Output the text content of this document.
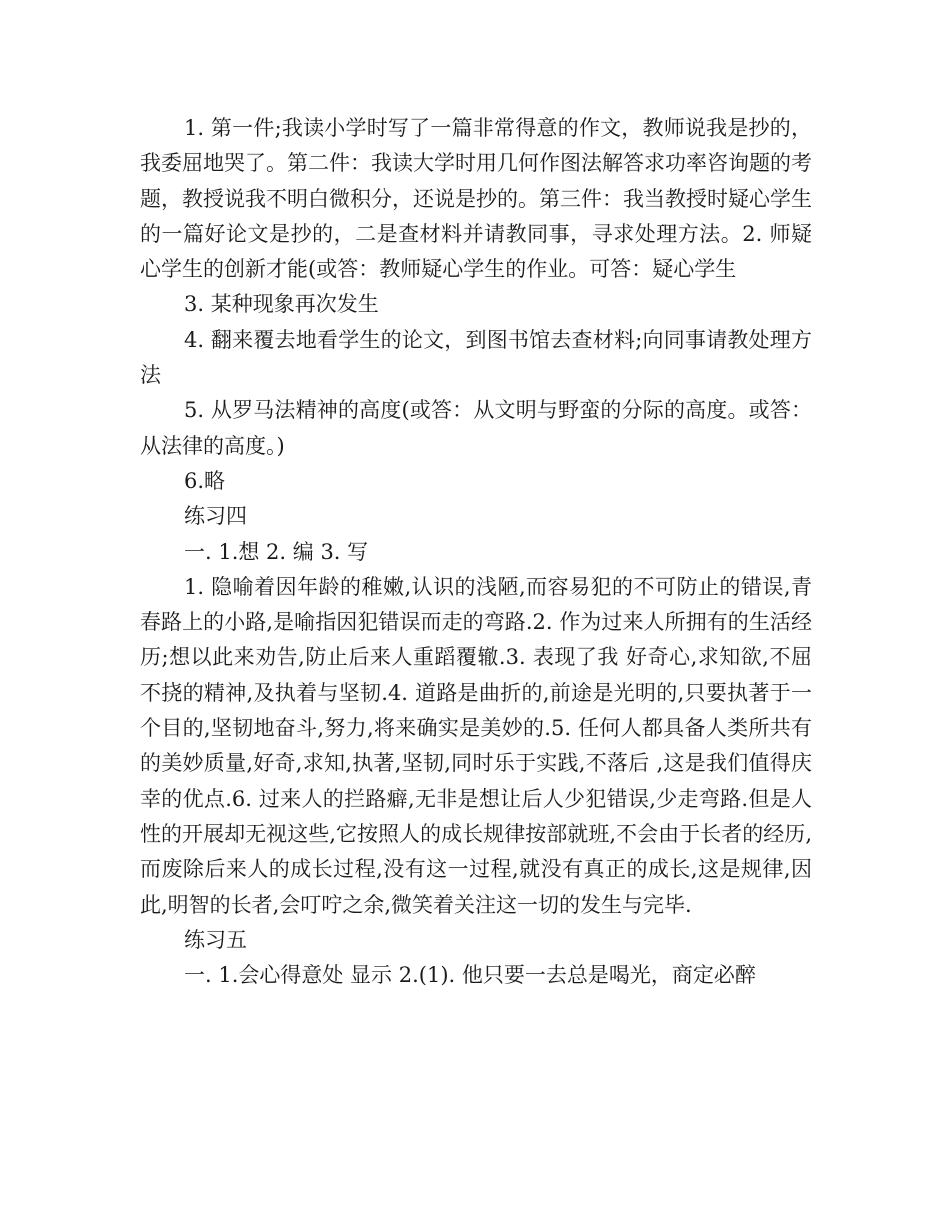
1. 第一件;我读小学时写了一篇非常得意的作文，教师说我是抄的，我委屈地哭了。第二件：我读大学时用几何作图法解答求功率咨询题的考题，教授说我不明白微积分，还说是抄的。第三件：我当教授时疑心学生的一篇好论文是抄的，二是查材料并请教同事，寻求处理方法。2. 师疑心学生的创新才能(或答：教师疑心学生的作业。可答：疑心学生

3. 某种现象再次发生

4. 翻来覆去地看学生的论文，到图书馆去查材料;向同事请教处理方法

5. 从罗马法精神的高度(或答：从文明与野蛮的分际的高度。或答：从法律的高度。)

6.略

练习四

一. 1.想 2. 编 3. 写

1. 隐喻着因年龄的稚嫩,认识的浅陋,而容易犯的不可防止的错误,青春路上的小路,是喻指因犯错误而走的弯路.2. 作为过来人所拥有的生活经历;想以此来劝告,防止后来人重蹈覆辙.3. 表现了我 好奇心,求知欲,不屈不挠的精神,及执着与坚韧.4. 道路是曲折的,前途是光明的,只要执著于一个目的,坚韧地奋斗,努力,将来确实是美妙的.5. 任何人都具备人类所共有的美妙质量,好奇,求知,执著,坚韧,同时乐于实践,不落后 ,这是我们值得庆幸的优点.6. 过来人的拦路癖,无非是想让后人少犯错误,少走弯路.但是人性的开展却无视这些,它按照人的成长规律按部就班,不会由于长者的经历,而废除后来人的成长过程,没有这一过程,就没有真正的成长,这是规律,因此,明智的长者,会叮咛之余,微笑着关注这一切的发生与完毕.

练习五

一. 1.会心得意处 显示 2.(1). 他只要一去总是喝光，商定必醉
